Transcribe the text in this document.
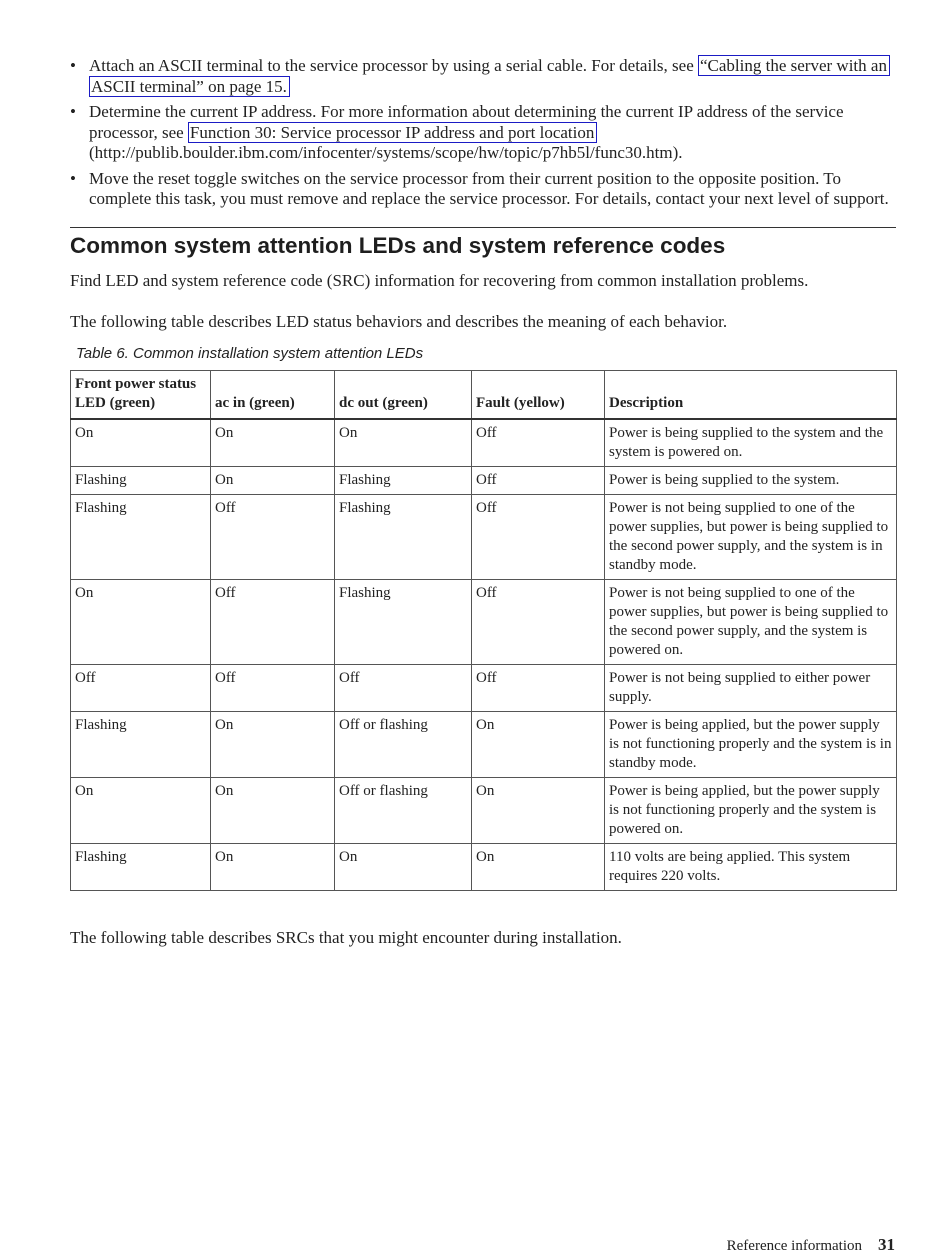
• Attach an ASCII terminal to the service processor by using a serial cable. For details, see “Cabling the server with an ASCII terminal” on page 15.
• Determine the current IP address. For more information about determining the current IP address of the service processor, see Function 30: Service processor IP address and port location (http://publib.boulder.ibm.com/infocenter/systems/scope/hw/topic/p7hb5l/func30.htm).
• Move the reset toggle switches on the service processor from their current position to the opposite position. To complete this task, you must remove and replace the service processor. For details, contact your next level of support.
Common system attention LEDs and system reference codes

Find LED and system reference code (SRC) information for recovering from common installation problems.

The following table describes LED status behaviors and describes the meaning of each behavior.

Table 6. Common installation system attention LEDs
Front power status LED (green)	ac in (green)	dc out (green)	Fault (yellow)	Description
On	On	On	Off	Power is being supplied to the system and the system is powered on.
Flashing	On	Flashing	Off	Power is being supplied to the system.
Flashing	Off	Flashing	Off	Power is not being supplied to one of the power supplies, but power is being supplied to the second power supply, and the system is in standby mode.
On	Off	Flashing	Off	Power is not being supplied to one of the power supplies, but power is being supplied to the second power supply, and the system is powered on.
Off	Off	Off	Off	Power is not being supplied to either power supply.
Flashing	On	Off or flashing	On	Power is being applied, but the power supply is not functioning properly and the system is in standby mode.
On	On	Off or flashing	On	Power is being applied, but the power supply is not functioning properly and the system is powered on.
Flashing	On	On	On	110 volts are being applied. This system requires 220 volts.

The following table describes SRCs that you might encounter during installation.

Reference information 31
